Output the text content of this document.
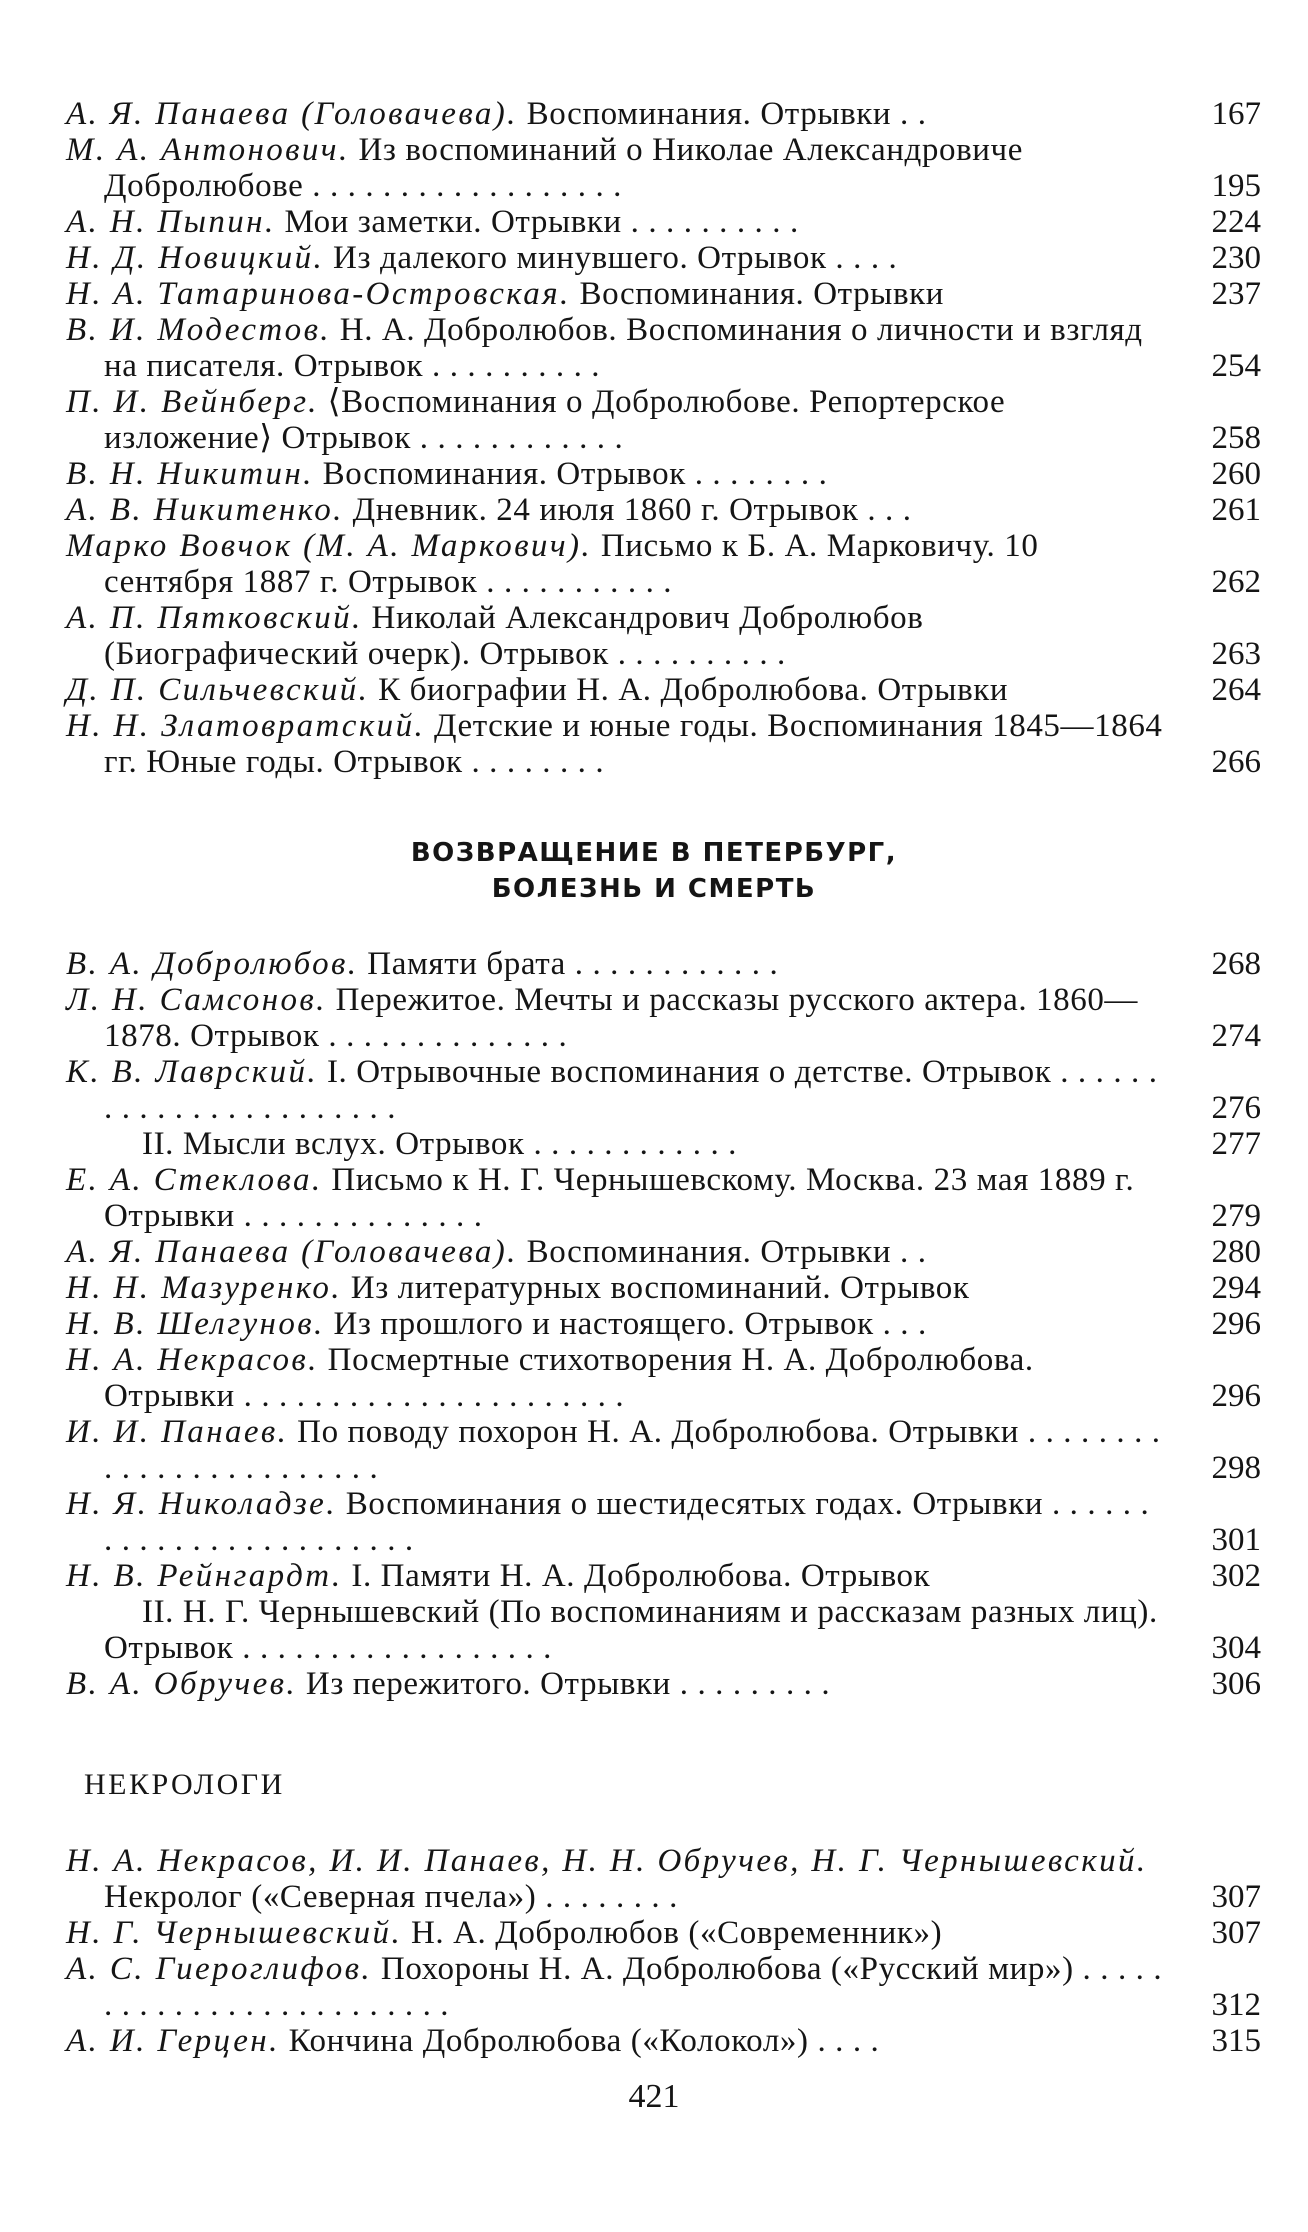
А. Я. Панаева (Головачева). Воспоминания. Отрывки . .	167
М. А. Антонович. Из воспоминаний о Николае Александровиче Добролюбове . . . . . . . . . . . . . . . . . .	195
А. Н. Пыпин. Мои заметки. Отрывки . . . . . . . . . .	224
Н. Д. Новицкий. Из далекого минувшего. Отрывок . . . .	230
Н. А. Татаринова-Островская. Воспоминания. Отрывки	237
В. И. Модестов. Н. А. Добролюбов. Воспоминания о личности и взгляд на писателя. Отрывок . . . . . . . . . .	254
П. И. Вейнберг. ⟨Воспоминания о Добролюбове. Репортерское изложение⟩ Отрывок . . . . . . . . . . . .	258
В. Н. Никитин. Воспоминания. Отрывок . . . . . . . .	260
А. В. Никитенко. Дневник. 24 июля 1860 г. Отрывок . . .	261
Марко Вовчок (М. А. Маркович). Письмо к Б. А. Марковичу. 10 сентября 1887 г. Отрывок . . . . . . . . . . .	262
А. П. Пятковский. Николай Александрович Добролюбов (Биографический очерк). Отрывок . . . . . . . . . .	263
Д. П. Сильчевский. К биографии Н. А. Добролюбова. Отрывки	264
Н. Н. Златовратский. Детские и юные годы. Воспоминания 1845—1864 гг. Юные годы. Отрывок . . . . . . . .	266
ВОЗВРАЩЕНИЕ В ПЕТЕРБУРГ,
БОЛЕЗНЬ И СМЕРТЬ
В. А. Добролюбов. Памяти брата . . . . . . . . . . . .	268
Л. Н. Самсонов. Пережитое. Мечты и рассказы русского актера. 1860—1878. Отрывок . . . . . . . . . . . . . .	274
К. В. Лаврский. I. Отрывочные воспоминания о детстве. Отрывок . . . . . . . . . . . . . . . . . . . . . . .	276
II. Мысли вслух. Отрывок . . . . . . . . . . . .	277
Е. А. Стеклова. Письмо к Н. Г. Чернышевскому. Москва. 23 мая 1889 г. Отрывки . . . . . . . . . . . . . .	279
А. Я. Панаева (Головачева). Воспоминания. Отрывки . .	280
Н. Н. Мазуренко. Из литературных воспоминаний. Отрывок	294
Н. В. Шелгунов. Из прошлого и настоящего. Отрывок . . .	296
Н. А. Некрасов. Посмертные стихотворения Н. А. Добролюбова. Отрывки . . . . . . . . . . . . . . . . . . . . . .	296
И. И. Панаев. По поводу похорон Н. А. Добролюбова. Отрывки . . . . . . . . . . . . . . . . . . . . . . . .	298
Н. Я. Николадзе. Воспоминания о шестидесятых годах. Отрывки . . . . . . . . . . . . . . . . . . . . . . . .	301
Н. В. Рейнгардт. I. Памяти Н. А. Добролюбова. Отрывок	302
II. Н. Г. Чернышевский (По воспоминаниям и рассказам разных лиц). Отрывок . . . . . . . . . . . . . . . . . .	304
В. А. Обручев. Из пережитого. Отрывки . . . . . . . . .	306
НЕКРОЛОГИ
Н. А. Некрасов, И. И. Панаев, Н. Н. Обручев, Н. Г. Чернышевский. Некролог («Северная пчела») . . . . . . . .	307
Н. Г. Чернышевский. Н. А. Добролюбов («Современник»)	307
А. С. Гиероглифов. Похороны Н. А. Добролюбова («Русский мир») . . . . . . . . . . . . . . . . . . . . . . . . .	312
А. И. Герцен. Кончина Добролюбова («Колокол») . . . .	315
421
